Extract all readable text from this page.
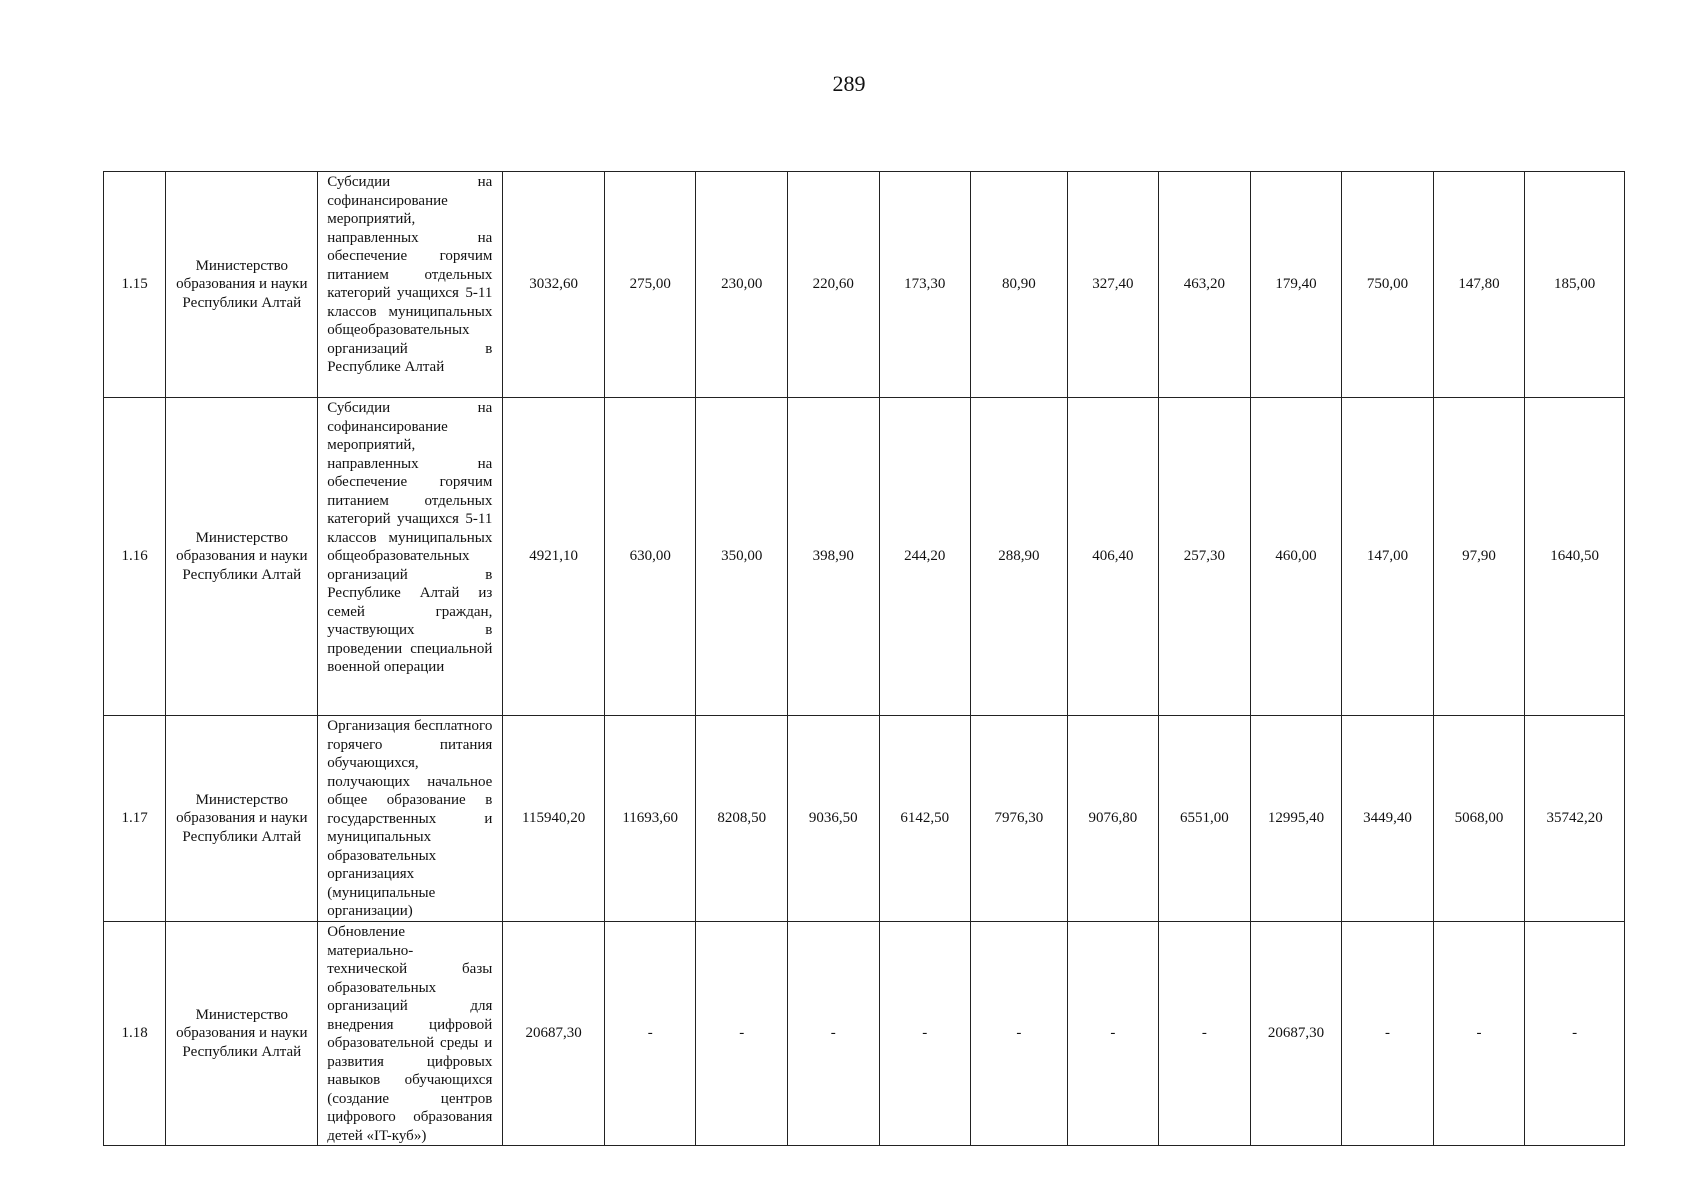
289
1.15	Министерство образования и науки Республики Алтай	Субсидии на софинансирование мероприятий, направленных на обеспечение горячим питанием отдельных категорий учащихся 5-11 классов муниципальных общеобразовательных организаций в Республике Алтай	3032,60	275,00	230,00	220,60	173,30	80,90	327,40	463,20	179,40	750,00	147,80	185,00
1.16	Министерство образования и науки Республики Алтай	Субсидии на софинансирование мероприятий, направленных на обеспечение горячим питанием отдельных категорий учащихся 5-11 классов муниципальных общеобразовательных организаций в Республике Алтай из семей граждан, участвующих в проведении специальной военной операции	4921,10	630,00	350,00	398,90	244,20	288,90	406,40	257,30	460,00	147,00	97,90	1640,50
1.17	Министерство образования и науки Республики Алтай	Организация бесплатного горячего питания обучающихся, получающих начальное общее образование в государственных и муниципальных образовательных организациях (муниципальные организации)	115940,20	11693,60	8208,50	9036,50	6142,50	7976,30	9076,80	6551,00	12995,40	3449,40	5068,00	35742,20
1.18	Министерство образования и науки Республики Алтай	Обновление материально-технической базы образовательных организаций для внедрения цифровой образовательной среды и развития цифровых навыков обучающихся (создание центров цифрового образования детей «IT-куб»)	20687,30	-	-	-	-	-	-	-	20687,30	-	-	-
